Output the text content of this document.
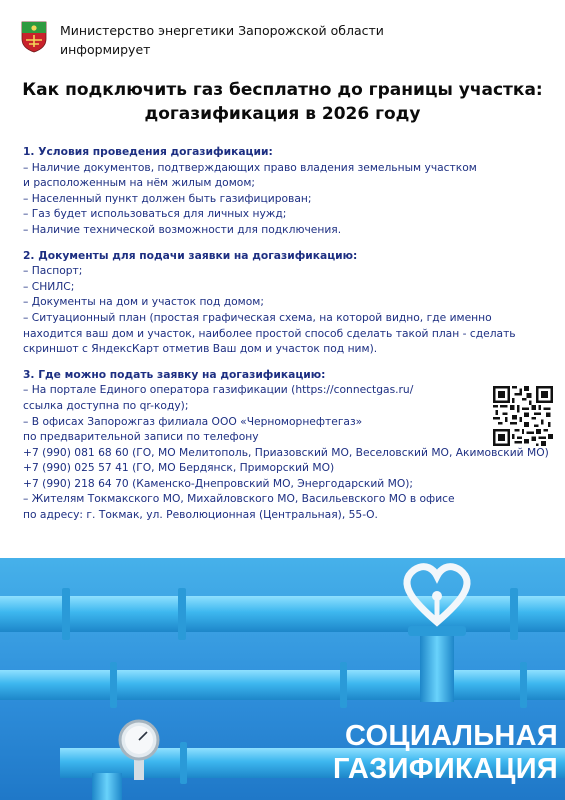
Министерство энергетики Запорожской области
информирует
Как подключить газ бесплатно до границы участка:
догазификация в 2026 году
1. Условия проведения догазификации:
– Наличие документов, подтверждающих право владения земельным участком
и расположенным на нём жилым домом;
– Населенный пункт должен быть газифицирован;
– Газ будет использоваться для личных нужд;
– Наличие технической возможности для подключения.
2. Документы для подачи заявки на догазификацию:
– Паспорт;
– СНИЛС;
– Документы на дом и участок под домом;
– Ситуационный план (простая графическая схема, на которой видно, где именно
находится ваш дом и участок, наиболее простой способ сделать такой план - сделать
скриншот с ЯндексКарт отметив Ваш дом и участок под ним).
3. Где можно подать заявку на догазификацию:
– На портале Единого оператора газификации (https://connectgas.ru/
ссылка доступна по qr-коду);
– В офисах Запорожгаз филиала ООО «Черноморнефтегаз»
по предварительной записи по телефону
+7 (990) 081 68 60 (ГО, МО Мелитополь, Приазовский МО, Веселовский МО, Акимовский МО)
+7 (990) 025 57 41 (ГО, МО Бердянск, Приморский МО)
+7 (990) 218 64 70 (Каменско-Днепровский МО, Энергодарский МО);
– Жителям Токмакского МО, Михайловского МО, Васильевского МО в офисе
по адресу: г. Токмак, ул. Революционная (Центральная), 55-О.
СОЦИАЛЬНАЯ
ГАЗИФИКАЦИЯ
